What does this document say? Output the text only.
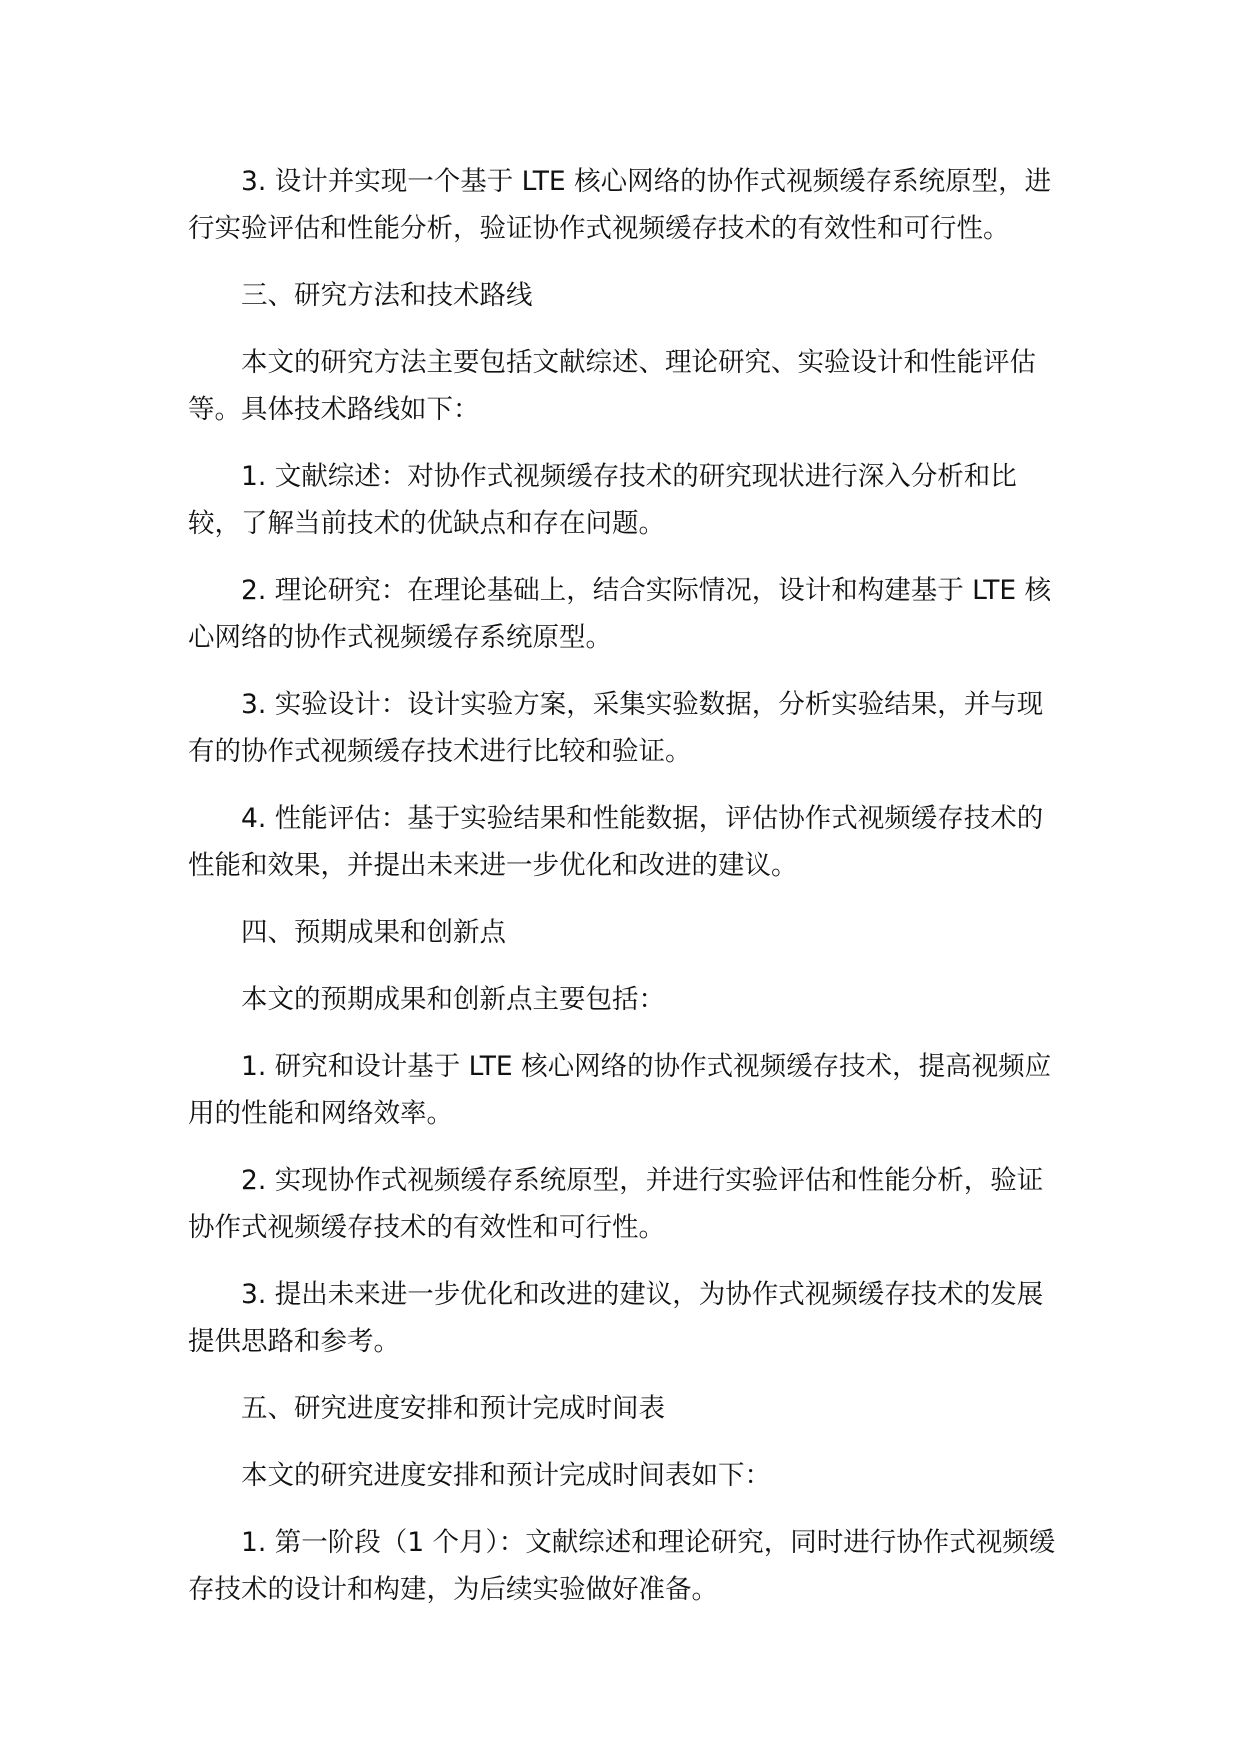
3. 设计并实现一个基于 LTE 核心网络的协作式视频缓存系统原型，进行实验评估和性能分析，验证协作式视频缓存技术的有效性和可行性。

三、研究方法和技术路线

本文的研究方法主要包括文献综述、理论研究、实验设计和性能评估等。具体技术路线如下：

1. 文献综述：对协作式视频缓存技术的研究现状进行深入分析和比较，了解当前技术的优缺点和存在问题。

2. 理论研究：在理论基础上，结合实际情况，设计和构建基于 LTE 核心网络的协作式视频缓存系统原型。

3. 实验设计：设计实验方案，采集实验数据，分析实验结果，并与现有的协作式视频缓存技术进行比较和验证。

4. 性能评估：基于实验结果和性能数据，评估协作式视频缓存技术的性能和效果，并提出未来进一步优化和改进的建议。

四、预期成果和创新点

本文的预期成果和创新点主要包括：

1. 研究和设计基于 LTE 核心网络的协作式视频缓存技术，提高视频应用的性能和网络效率。

2. 实现协作式视频缓存系统原型，并进行实验评估和性能分析，验证协作式视频缓存技术的有效性和可行性。

3. 提出未来进一步优化和改进的建议，为协作式视频缓存技术的发展提供思路和参考。

五、研究进度安排和预计完成时间表

本文的研究进度安排和预计完成时间表如下：

1. 第一阶段（1 个月）：文献综述和理论研究，同时进行协作式视频缓存技术的设计和构建，为后续实验做好准备。
